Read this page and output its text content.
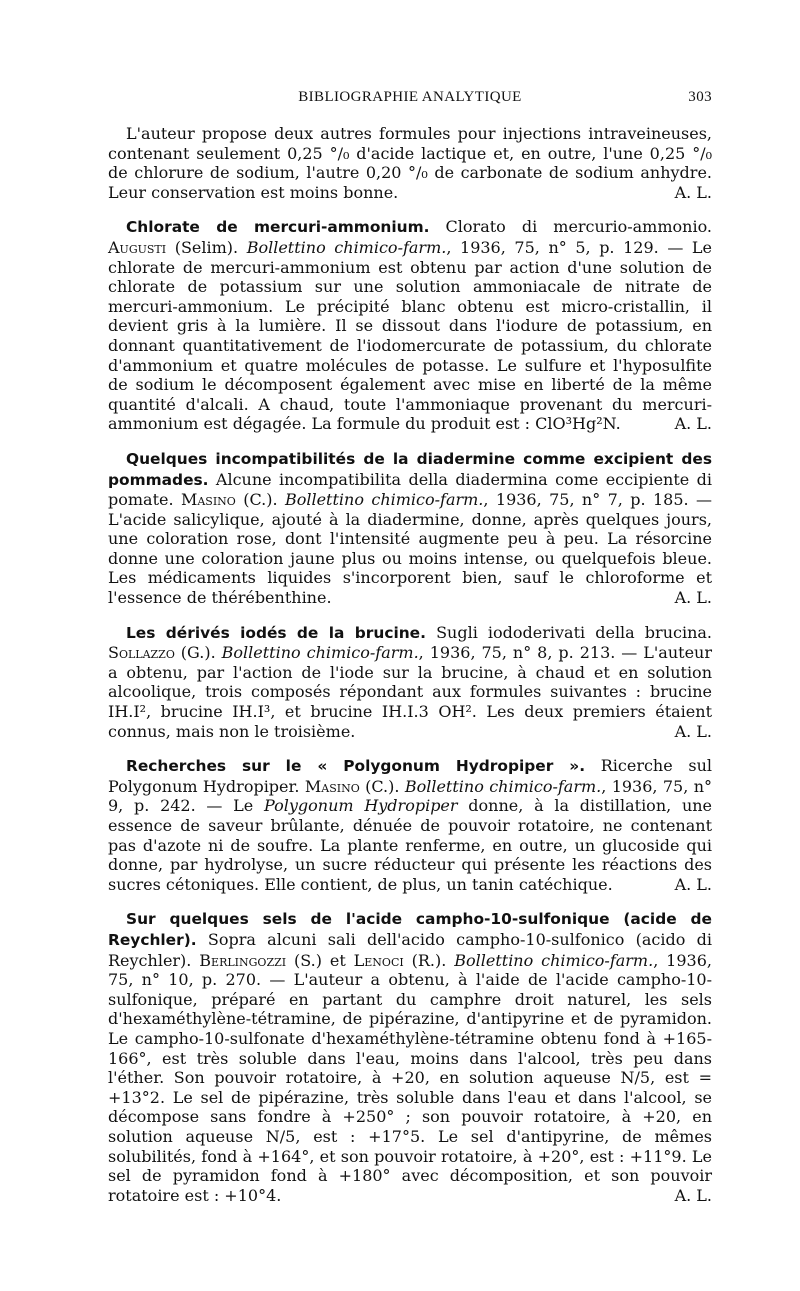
BIBLIOGRAPHIE ANALYTIQUE	303

L'auteur propose deux autres formules pour injections intraveineuses, contenant seulement 0,25 °/₀ d'acide lactique et, en outre, l'une 0,25 °/₀ de chlorure de sodium, l'autre 0,20 °/₀ de carbonate de sodium anhydre. Leur conservation est moins bonne.	A. L.

Chlorate de mercuri-ammonium. Clorato di mercurio-ammonio. Augusti (Selim). Bollettino chimico-farm., 1936, 75, n° 5, p. 129. — Le chlorate de mercuri-ammonium est obtenu par action d'une solution de chlorate de potassium sur une solution ammoniacale de nitrate de mercuri-ammonium. Le précipité blanc obtenu est micro-cristallin, il devient gris à la lumière. Il se dissout dans l'iodure de potassium, en donnant quantitativement de l'iodomercurate de potassium, du chlorate d'ammonium et quatre molécules de potasse. Le sulfure et l'hyposulfite de sodium le décomposent également avec mise en liberté de la même quantité d'alcali. A chaud, toute l'ammoniaque provenant du mercuri-ammonium est dégagée. La formule du produit est : ClO³Hg²N.	A. L.

Quelques incompatibilités de la diadermine comme excipient des pommades. Alcune incompatibilita della diadermina come eccipiente di pomate. Masino (C.). Bollettino chimico-farm., 1936, 75, n° 7, p. 185. — L'acide salicylique, ajouté à la diadermine, donne, après quelques jours, une coloration rose, dont l'intensité augmente peu à peu. La résorcine donne une coloration jaune plus ou moins intense, ou quelquefois bleue. Les médicaments liquides s'incorporent bien, sauf le chloroforme et l'essence de thérébenthine.	A. L.

Les dérivés iodés de la brucine. Sugli iododerivati della brucina. Sollazzo (G.). Bollettino chimico-farm., 1936, 75, n° 8, p. 213. — L'auteur a obtenu, par l'action de l'iode sur la brucine, à chaud et en solution alcoolique, trois composés répondant aux formules suivantes : brucine IH.I², brucine IH.I³, et brucine IH.I.3 OH². Les deux premiers étaient connus, mais non le troisième.	A. L.

Recherches sur le « Polygonum Hydropiper ». Ricerche sul Polygonum Hydropiper. Masino (C.). Bollettino chimico-farm., 1936, 75, n° 9, p. 242. — Le Polygonum Hydropiper donne, à la distillation, une essence de saveur brûlante, dénuée de pouvoir rotatoire, ne contenant pas d'azote ni de soufre. La plante renferme, en outre, un glucoside qui donne, par hydrolyse, un sucre réducteur qui présente les réactions des sucres cétoniques. Elle contient, de plus, un tanin catéchique.	A. L.

Sur quelques sels de l'acide campho-10-sulfonique (acide de Reychler). Sopra alcuni sali dell'acido campho-10-sulfonico (acido di Reychler). Berlingozzi (S.) et Lenoci (R.). Bollettino chimico-farm., 1936, 75, n° 10, p. 270. — L'auteur a obtenu, à l'aide de l'acide campho-10-sulfonique, préparé en partant du camphre droit naturel, les sels d'hexaméthylène-tétramine, de pipérazine, d'antipyrine et de pyramidon. Le campho-10-sulfonate d'hexaméthylène-tétramine obtenu fond à +165-166°, est très soluble dans l'eau, moins dans l'alcool, très peu dans l'éther. Son pouvoir rotatoire, à +20, en solution aqueuse N/5, est = +13°2. Le sel de pipérazine, très soluble dans l'eau et dans l'alcool, se décompose sans fondre à +250° ; son pouvoir rotatoire, à +20, en solution aqueuse N/5, est : +17°5. Le sel d'antipyrine, de mêmes solubilités, fond à +164°, et son pouvoir rotatoire, à +20°, est : +11°9. Le sel de pyramidon fond à +180° avec décomposition, et son pouvoir rotatoire est : +10°4.	A. L.
